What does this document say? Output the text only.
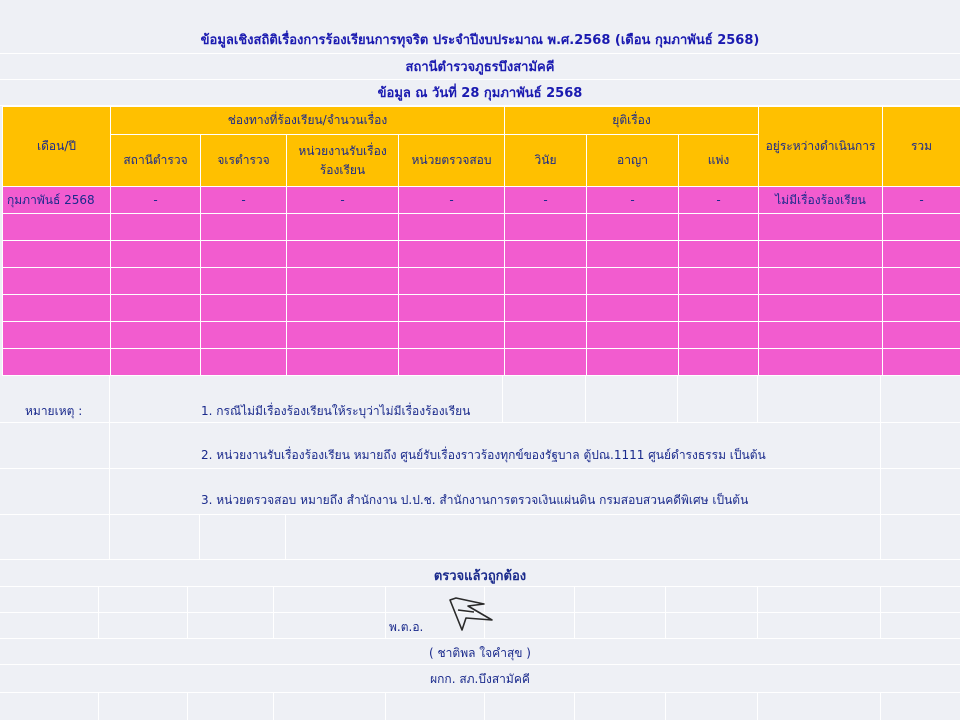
ข้อมูลเชิงสถิติเรื่องการร้องเรียนการทุจริต ประจำปีงบประมาณ พ.ศ.2568 (เดือน กุมภาพันธ์ 2568)
สถานีตำรวจภูธรบึงสามัคคี
ข้อมูล ณ วันที่ 28 กุมภาพันธ์ 2568
เดือน/ปี	ช่องทางที่ร้องเรียน/จำนวนเรื่อง				ยุติเรื่อง			อยู่ระหว่างดำเนินการ	รวม
	สถานีตำรวจ	จเรตำรวจ	หน่วยงานรับเรื่อง ร้องเรียน	หน่วยตรวจสอบ	วินัย	อาญา	แพ่ง		
กุมภาพันธ์ 2568	-	-	-	-	-	-	-	ไม่มีเรื่องร้องเรียน	-

หมายเหตุ :	1. กรณีไม่มีเรื่องร้องเรียนให้ระบุว่าไม่มีเรื่องร้องเรียน
2. หน่วยงานรับเรื่องร้องเรียน หมายถึง ศูนย์รับเรื่องราวร้องทุกข์ของรัฐบาล ตู้ปณ.1111 ศูนย์ดำรงธรรม เป็นต้น
3. หน่วยตรวจสอบ หมายถึง สำนักงาน ป.ป.ช. สำนักงานการตรวจเงินแผ่นดิน กรมสอบสวนคดีพิเศษ เป็นต้น
ตรวจแล้วถูกต้อง
พ.ต.อ.
( ชาติพล ใจคำสุข )
ผกก. สภ.บึงสามัคคี
